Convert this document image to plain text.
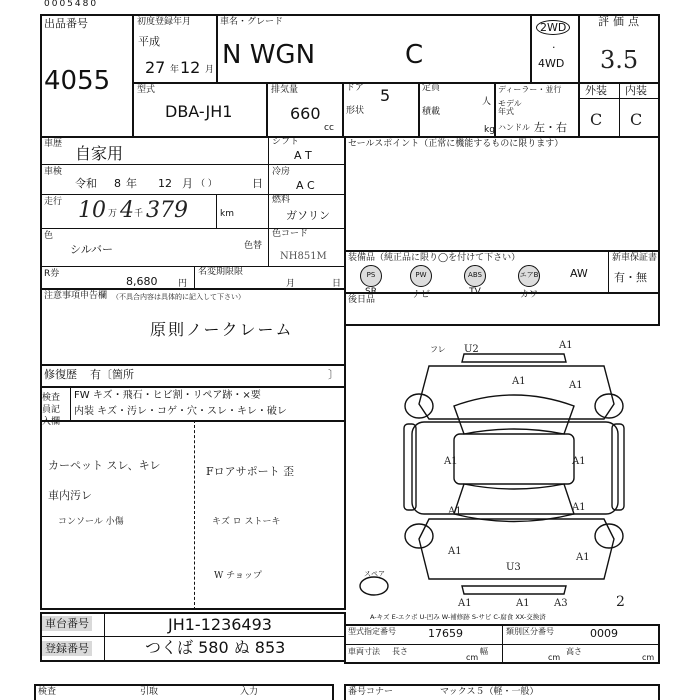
0005480
出品番号
4055
初度登録年月
平成
27 年 12 月
車名・グレード
N WGN	C
2WD
·
4WD
評価点
3.5
型式
DBA-JH1
排気量
660
cc
ドア 5
形状
定員
人
積載
kg
ディーラー・並行
モデル
年式
ハンドル 左・右
外装 内装
C C
車歴 自家用
シフト
A T
車検
令和 8 年 12 月 （ ）	日
冷房
A C
走行 10 万 4 千 379	km
燃料
ガソリン
色
シルバー	色替
色コード
NH851M
R券
8,680 円
名変期限限
月	日
セールスポイント（正常に機能するものに限ります）
装備品（純正品に限り◯を付けて下さい）	新車保証書
有・無
PS
SR
PW
ナビ
ABS
TV
エアB
カワ
AW
後日品
注意事項申告欄 （不具合内容は具体的に記入して下さい）
原則ノークレーム
修復歴 有〔箇所	〕
検査員記入欄
FW キズ・飛石・ヒビ割・リペア跡・×要
内装 キズ・汚レ・コゲ・穴・スレ・キレ・破レ
カーペット スレ、キレ
車内汚レ
コンソール 小傷
Fロアサポート 歪
キズ ロ ストーキ
W チョップ
U2
フレ	A1
A1	A1
A1	A1
A1	A1
A1
A1
U3
A1	A1 A3	2
スペア
A-キズ E-エクボ U-凹み W-補修跡 S-サビ C-腐食 XX-交換済
車台番号	JH1-1236493
登録番号	つくば 580 ぬ 853
型式指定番号	17659	類別区分番号	0009
車両寸法 長さ
cm
幅
cm
高さ
cm
検査	引取	入力	番号コナー	マックス５（軽・一般）
